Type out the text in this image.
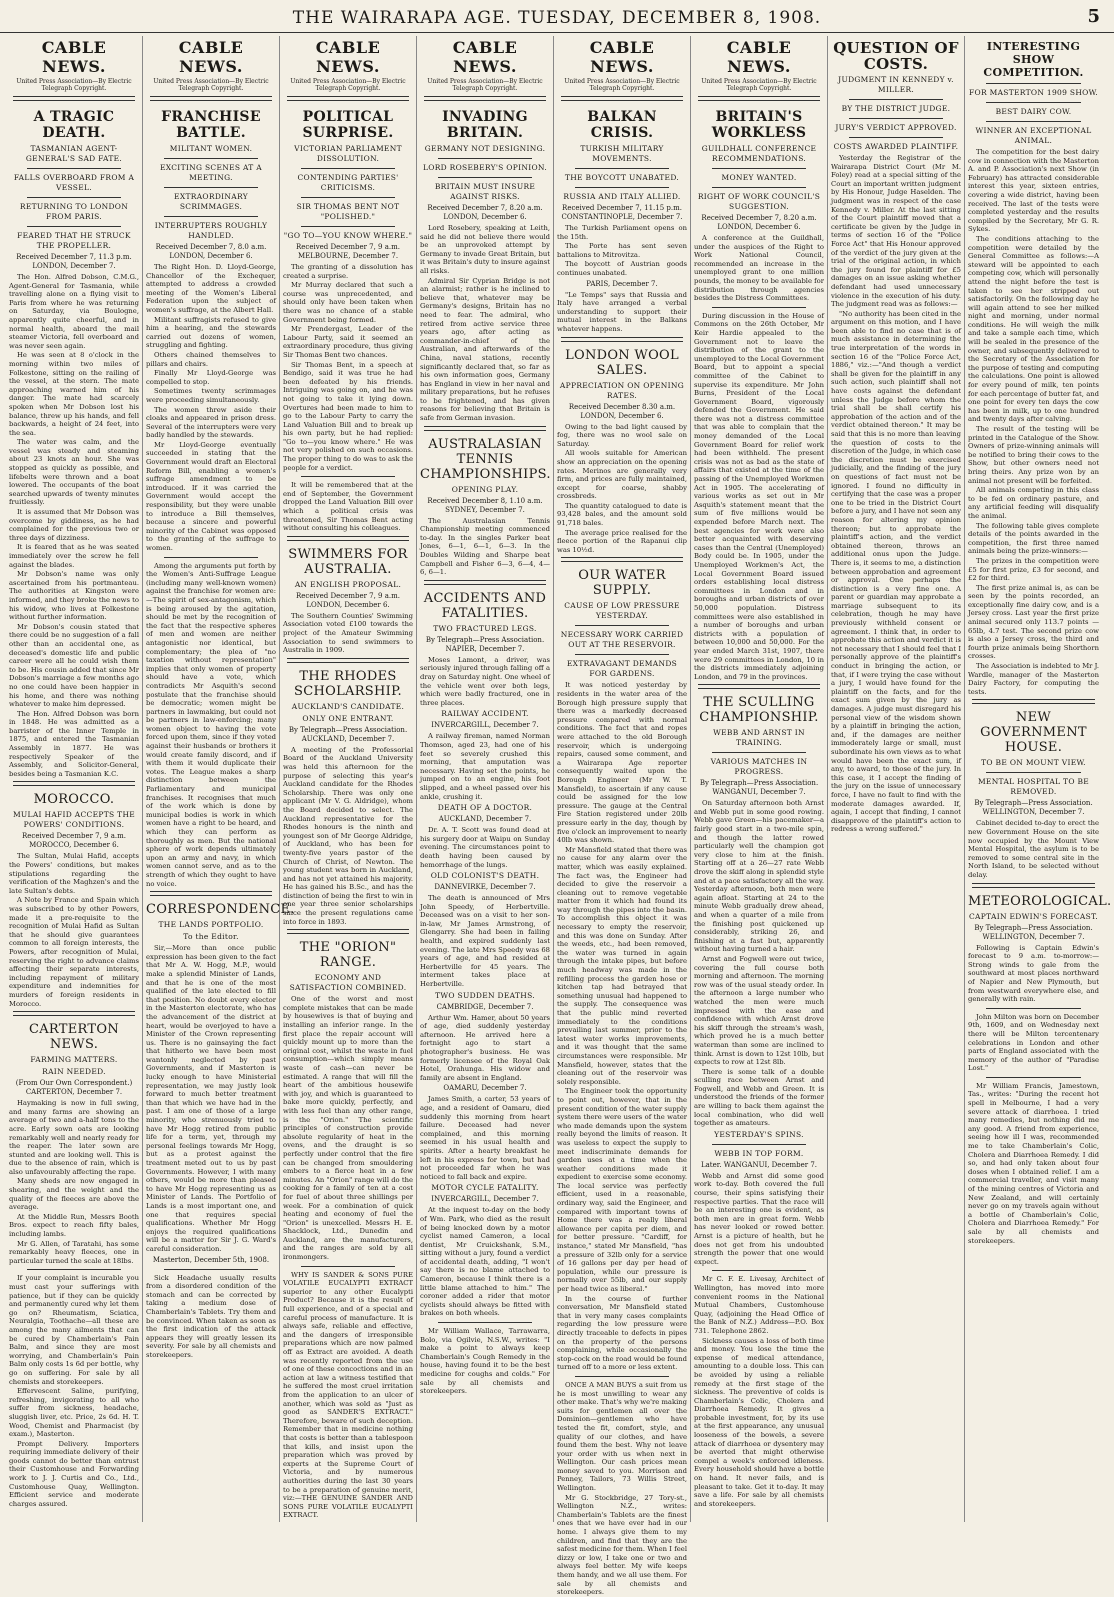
THE WAIRARAPA AGE. TUESDAY, DECEMBER 8, 1908.	5
CABLE NEWS.
United Press Association—By Electric Telegraph Copyright.
A TRAGIC DEATH.
TASMANIAN AGENT-GENERAL'S SAD FATE.
FALLS OVERBOARD FROM A VESSEL.
RETURNING TO LONDON FROM PARIS.
FEARED THAT HE STRUCK THE PROPELLER.
Received December 7, 11.3 p.m. LONDON, December 7.

The Hon. Alfred Dobson, C.M.G., Agent-General for Tasmania, while travelling alone on a flying visit to Paris from where he was returning on Saturday, via Boulogne, apparently quite cheerful, and in normal health, aboard the mail steamer Victoria, fell overboard and was never seen again.

He was seen at 8 o'clock in the morning within two miles of Folkestone, sitting on the railing of the vessel, at the stern. The mate approaching warned him of his danger. The mate had scarcely spoken when Mr Dobson lost his balance, threw up his hands, and fell backwards, a height of 24 feet, into the sea.

The water was calm, and the vessel was steady and steaming about 23 knots an hour. She was stopped as quickly as possible, and lifebelts were thrown and a boat lowered. The occupants of the boat searched upwards of twenty minutes fruitlessly.

It is assumed that Mr Dobson was overcome by giddiness, as he had complained for the previous two or three days of dizziness.

It is feared that as he was seated immediately over the screw he fell against the blades.

Mr Dobson's name was only ascertained from his portmanteau. The authorities at Kingston were informed, and they broke the news to his widow, who lives at Folkestone without further information.

Mr Dobson's cousin stated that there could be no suggestion of a fall other than an accidental one, as deceased's domestic life and public career were all he could wish them to be. His cousin added that since Mr Dobson's marriage a few months ago no one could have been happier in his home, and there was nothing whatever to make him depressed.

The Hon. Alfred Dobson was born in 1848. He was admitted as a barrister of the Inner Temple in 1875, and entered the Tasmanian Assembly in 1877. He was respectively Speaker of the Assembly, and Solicitor-General, besides being a Tasmanian K.C.

MOROCCO.
MULAI HAFID ACCEPTS THE POWERS' CONDITIONS.
Received December 7, 9 a.m. MOROCCO, December 6.

The Sultan, Mulai Hafid, accepts the Powers' conditions, but makes stipulations regarding the verification of the Maghzen's and the late Sultan's debts.

A Note by France and Spain which was subscribed to by other Powers, made it a pre-requisite to the recognition of Mulai Hafid as Sultan that he should give guarantees common to all foreign interests, the Powers, after recognition of Mulai, reserving the right to advance claims affecting their separate interests, including repayment of military expenditure and indemnities for murders of foreign residents in Morocco.

CARTERTON NEWS.
FARMING MATTERS.
RAIN NEEDED.
(From Our Own Correspondent.) CARTERTON, December 7.

Haymaking is now in full swing, and many farms are showing an average of two and a-half tons to the acre. Early sown oats are looking remarkably well and nearly ready for the reaper. The later sown are stunted and are looking well. This is due to the absence of rain, which is also unfavourably affecting the rape.

Many sheds are now engaged in shearing, and the weight and the quality of the fleeces are above the average.

At the Middle Run, Messrs Booth Bros. expect to reach fifty bales, including lambs.

Mr G. Allen, of Taratahi, has some remarkably heavy fleeces, one in particular turned the scale at 18lbs.

If your complaint is incurable you must cast your sufferings with patience, but if they can be quickly and permanently cured why let them go on? Rheumatism, Sciatica, Neuralgia, Toothache—all these are among the many ailments that can be cured by Chamberlain's Pain Balm, and since they are most worrying, and Chamberlain's Pain Balm only costs 1s 6d per bottle, why go on suffering. For sale by all chemists and storekeepers.

Effervescent Saline, purifying, refreshing, invigorating to all who suffer from sickness, headache, sluggish liver, etc. Price, 2s 6d. H. T. Wood, Chemist and Pharmacist (by exam.), Masterton.

Prompt Delivery. Importers requiring immediate delivery of their goods cannot do better than entrust their Customhouse and Forwarding work to J. J. Curtis and Co., Ltd., Customhouse Quay, Wellington. Efficient service and moderate charges assured.

CABLE NEWS.
United Press Association—By Electric Telegraph Copyright.
FRANCHISE BATTLE.
MILITANT WOMEN.
EXCITING SCENES AT A MEETING.
EXTRAORDINARY SCRIMMAGES.
INTERRUPTERS ROUGHLY HANDLED.
Received December 7, 8.0 a.m. LONDON, December 6.

The Right Hon. D. Lloyd-George, Chancellor of the Exchequer, attempted to address a crowded meeting of the Women's Liberal Federation upon the subject of women's suffrage, at the Albert Hall.

Militant suffragists refused to give him a hearing, and the stewards carried out dozens of women, struggling and fighting.

Others chained themselves to pillars and chairs.

Finally Mr Lloyd-George was compelled to stop.

Sometimes twenty scrimmages were proceeding simultaneously.

The women threw aside their cloaks and appeared in prison dress. Several of the interrupters were very badly handled by the stewards.

Mr Lloyd-George eventually succeeded in stating that the Government would draft an Electoral Reform Bill, enabling a women's suffrage amendment to be introduced. If it was carried the Government would accept the responsibility, but they were unable to introduce a Bill themselves, because a sincere and powerful minority of the Cabinet was opposed to the granting of the suffrage to women.

Among the arguments put forth by the Women's Anti-Suffrage League (including many well-known women) against the franchise for women are:—The spirit of sex-antagonism, which is being aroused by the agitation, should be met by the recognition of the fact that the respective spheres of men and women are neither antagonistic nor identical, but complementary; the plea of "no taxation without representation" implies that only women of property should have a vote, which contradicts Mr Asquith's second postulate that the franchise should be democratic; women might be partners in lawmaking, but could not be partners in law-enforcing; many women object to having the vote forced upon them, since if they voted against their husbands or brothers it would create family discord, and if with them it would duplicate their votes. The League makes a sharp distinction between the Parliamentary and municipal franchises. It recognises that much of the work which is done by municipal bodies is work in which women have a right to be heard, and which they can perform as thoroughly as men. But the national sphere of work depends ultimately upon an army and navy, in which women cannot serve, and as to the strength of which they ought to have no voice.

CORRESPONDENCE.
THE LANDS PORTFOLIO.
To the Editor.

Sir,—More than once public expression has been given to the fact that Mr A. W. Hogg, M.P., would make a splendid Minister of Lands, and that he is one of the most qualified of the late elected to fill that position. No doubt every elector in the Masterton electorate, who has the advancement of the district at heart, would be overjoyed to have a Minister of the Crown representing us. There is no gainsaying the fact that hitherto we have been most wantonly neglected by past Governments, and if Masterton is lucky enough to have Ministerial representation, we may justly look forward to much better treatment than that which we have had in the past. I am one of those of a large minority, who strenuously tried to have Mr Hogg retired from public life for a term, yet, through my personal feelings towards Mr Hogg, but as a protest against the treatment meted out to us by past Governments. However, I with many others, would be more than pleased to have Mr Hogg representing us as Minister of Lands. The Portfolio of Lands is a most important one, and one that requires special qualifications. Whether Mr Hogg enjoys the required qualifications will be a matter for Sir J. G. Ward's careful consideration.

Masterton, December 5th, 1908.

Sick Headache usually results from a disordered condition of the stomach and can be corrected by taking a medium dose of Chamberlain's Tablets. Try them and be convinced. When taken as soon as the first indication of the attack appears they will greatly lessen its severity. For sale by all chemists and storekeepers.

CABLE NEWS.
United Press Association—By Electric Telegraph Copyright.
POLITICAL SURPRISE.
VICTORIAN PARLIAMENT DISSOLUTION.
CONTENDING PARTIES' CRITICISMS.
SIR THOMAS BENT NOT "POLISHED."
"GO TO—YOU KNOW WHERE."
Received December 7, 9 a.m. MELBOURNE, December 7.

The granting of a dissolution has created a surprise.

Mr Murray declared that such a course was unprecedented, and should only have been taken when there was no chance of a stable Government being formed.

Mr Prendergast, Leader of the Labour Party, said it seemed an extraordinary procedure, thus giving Sir Thomas Bent two chances.

Sir Thomas Bent, in a speech at Bendigo, said it was true he had been defeated by his friends. Intriguing was going on, and he was not going to take it lying down. Overtures had been made to him to go to the Labour Party to carry the Land Valuation Bill and to break up his own party, but he had replied: "Go to—you know where." He was not very polished on such occasions. The proper thing to do was to ask the people for a verdict.

It will be remembered that at the end of September, the Government dropped the Land Valuation Bill over which a political crisis was threatened, Sir Thomas Bent acting without consulting his colleagues.

SWIMMERS FOR AUSTRALIA.
AN ENGLISH PROPOSAL.
Received December 7, 9 a.m. LONDON, December 6.

The Southern Counties' Swimming Association voted £100 towards the project of the Amateur Swimming Association to send swimmers to Australia in 1909.

THE RHODES SCHOLARSHIP.
AUCKLAND'S CANDIDATE.
ONLY ONE ENTRANT.
By Telegraph—Press Association. AUCKLAND, December 7.

A meeting of the Professorial Board of the Auckland University was held this afternoon for the purpose of selecting this year's Auckland candidate for the Rhodes Scholarship. There was only one applicant (Mr V. G. Aldridge), whom the Board decided to select. The Auckland representative for the Rhodes honours is the ninth and youngest son of Mr George Aldridge, of Auckland, who has been for twenty-five years pastor of the Church of Christ, of Newton. The young student was born in Auckland, and has not yet attained his majority. He has gained his B.Sc., and has the distinction of being the first to win in one year three senior scholarships since the present regulations came into force in 1893.

THE "ORION" RANGE.
ECONOMY AND SATISFACTION COMBINED.

One of the worst and most complete mistakes that can be made by housewives is that of buying and installing an inferior range. In the first place the repair account will quickly mount up to more than the original cost, whilst the waste in fuel consumption—which simply means waste of cash—can never be estimated. A range that will fill the heart of the ambitious housewife with joy, and which is guaranteed to bake more quickly, perfectly, and with less fuel than any other range, is the "Orion." The scientific principles of construction provide absolute regularity of heat in the ovens, and the draught is so perfectly under control that the fire can be changed from smouldering embers to a fierce heat in a few minutes. An "Orion" range will do the cooking for a family of ten at a cost for fuel of about three shillings per week. For a combination of quick heating and economy of fuel the "Orion" is unexcelled. Messrs H. E. Shacklock, Ltd., Dunedin and Auckland, are the manufacturers, and the ranges are sold by all ironmongers.

WHY IS SANDER & SONS PURE VOLATILE EUCALYPTI EXTRACT superior to any other Eucalypti Product? Because it is the result of full experience, and of a special and careful process of manufacture. It is always safe, reliable and effective, and the dangers of irresponsible preparations which are now palmed off as Extract are avoided. A death was recently reported from the use of one of these concoctions and in an action at law a witness testified that he suffered the most cruel irritation from the application to an ulcer of another, which was sold as "Just as good as SANDER'S EXTRACT." Therefore, beware of such deception. Remember that in medicine nothing that costs is better than a tablespoon that kills, and insist upon the preparation which was proved by experts at the Supreme Court of Victoria, and by numerous authorities during the last 30 years to be a preparation of genuine merit, viz:—THE GENUINE SANDER AND SONS PURE VOLATILE EUCALYPTI EXTRACT.

CABLE NEWS.
United Press Association—By Electric Telegraph Copyright.
INVADING BRITAIN.
GERMANY NOT DESIGNING.
LORD ROSEBERY'S OPINION.
BRITAIN MUST INSURE AGAINST RISKS.
Received December 7, 8.20 a.m. LONDON, December 6.

Lord Rosebery, speaking at Leith, said he did not believe there would be an unprovoked attempt by Germany to invade Great Britain, but it was Britain's duty to insure against all risks.

Admiral Sir Cyprian Bridge is not an alarmist; rather is he inclined to believe that, whatever may be Germany's designs, Britain has no need to fear. The admiral, who retired from active service three years ago, after acting as commander-in-chief of the Australian, and afterwards of the China, naval stations, recently significantly declared that, so far as his own information goes, Germany has England in view in her naval and military preparations, but he refuses to be frightened, and has given reasons for believing that Britain is safe from German invasion.

AUSTRALASIAN TENNIS CHAMPIONSHIPS.
OPENING PLAY.
Received December 8, 1.10 a.m. SYDNEY, December 7.

The Australasian Tennis Championship meeting commenced to-day. In the singles Parker beat Jones, 6—1, 6—1, 6—3. In the Doubles Wilding and Sharpe beat Campbell and Fisher 6—3, 6—4, 4—6, 6—1.

ACCIDENTS AND FATALITIES.
TWO FRACTURED LEGS.
By Telegraph—Press Association. NAPIER, December 7.

Moses Lamont, a driver, was seriously injured through falling off a dray on Saturday night. One wheel of the vehicle went over both legs, which were badly fractured, one in three places.

RAILWAY ACCIDENT.
INVERCARGILL, December 7.

A railway fireman, named Norman Thomson, aged 23, had one of his feet so severely crushed this morning, that amputation was necessary. Having set the points, he jumped on to an engine, his foot slipped, and a wheel passed over his ankle, crushing it.

DEATH OF A DOCTOR.
AUCKLAND, December 7.

Dr. A. T. Scott was found dead at his surgery door at Waipu on Sunday evening. The circumstances point to death having been caused by hemorrhage of the lungs.

OLD COLONIST'S DEATH.
DANNEVIRKE, December 7.

The death is announced of Mrs John Speedy, of Herbertville. Deceased was on a visit to her son-in-law, Mr James Armstrong, of Glengarry. She had been in failing health, and expired suddenly last evening. The late Mrs Speedy was 68 years of age, and had resided at Herbertville for 45 years. The interment takes place at Herbertville.

TWO SUDDEN DEATHS.
CAMBRIDGE, December 7.

Arthur Wm. Hamer, about 50 years of age, died suddenly yesterday afternoon. He arrived here a fortnight ago to start a photographer's business. He was formerly licensee of the Royal Oak Hotel, Orahunga. His widow and family are absent in England.

OAMARU, December 7.

James Smith, a carter, 53 years of age, and a resident of Oamaru, died suddenly this morning from heart failure. Deceased had never complained, and this morning seemed in his usual health and spirits. After a hearty breakfast he left in his express for town, but had not proceeded far when he was noticed to fall back and expire.

MOTOR CYCLE FATALITY.
INVERCARGILL, December 7.

At the inquest to-day on the body of Wm. Park, who died as the result of being knocked down by a motor cyclist named Cameron, a local dentist, Mr Cruickshank, S.M., sitting without a jury, found a verdict of accidental death, adding, "I won't say there is no blame attached to Cameron, because I think there is a little blame attached to him." The coroner added a rider that motor cyclists should always be fitted with brakes on both wheels.

Mr William Wallace, Tarrawarra, Bolo, via Ogilvie, N.S.W., writes: "I make a point to always keep Chamberlain's Cough Remedy in the house, having found it to be the best medicine for coughs and colds." For sale by all chemists and storekeepers.

CABLE NEWS.
United Press Association—By Electric Telegraph Copyright.
BALKAN CRISIS.
TURKISH MILITARY MOVEMENTS.
THE BOYCOTT UNABATED.
RUSSIA AND ITALY ALLIED.
Received December 7, 11.15 p.m. CONSTANTINOPLE, December 7.

The Turkish Parliament opens on the 15th.

The Porte has sent seven battalions to Mitrovitza.

The boycott of Austrian goods continues unabated.

PARIS, December 7.

"Le Temps" says that Russia and Italy have arranged a verbal understanding to support their mutual interest in the Balkans whatever happens.

LONDON WOOL SALES.
APPRECIATION ON OPENING RATES.
Received December 8.30 a.m. LONDON, December 6.

Owing to the bad light caused by fog, there was no wool sale on Saturday.

All wools suitable for American show an appreciation on the opening rates. Merinos are generally very firm, and prices are fully maintained, except for coarse, shabby crossbreds.

The quantity catalogued to date is 93,428 bales, and the amount sold 91,718 bales.

The average price realised for the fleece portion of the Rapanui clip was 10½d.

OUR WATER SUPPLY.
CAUSE OF LOW PRESSURE YESTERDAY.
NECESSARY WORK CARRIED OUT AT THE RESERVOIR.
EXTRAVAGANT DEMANDS FOR GARDENS.

It was noticed yesterday by residents in the water area of the Borough high pressure supply that there was a markedly decreased pressure compared with normal conditions. The fact that and ropes were attached to the old Borough reservoir, which is undergoing repairs, caused some comment, and a Wairarapa Age reporter consequently waited upon the Borough Engineer (Mr W. T. Mansfield), to ascertain if any cause could be assigned for the low pressure. The gauge at the Central Fire Station registered under 20lb pressure early in the day, though by five o'clock an improvement to nearly 40lb was shown.

Mr Mansfield stated that there was no cause for any alarm over the matter, which was easily explained. The fact was, the Engineer had decided to give the reservoir a cleaning out to remove vegetable matter from it which had found its way through the pipes into the basin. To accomplish this object it was necessary to empty the reservoir, and this was done on Sunday. After the weeds, etc., had been removed, the water was turned in again through the intake pipes, but before much headway was made in the refilling process the garden hose or kitchen tap had betrayed that something unusual had happened to the supply. The consequence was that the public mind reverted immediately to the conditions prevailing last summer, prior to the latest water works improvements, and it was thought that the same circumstances were responsible. Mr Mansfield, however, states that the cleaning out of the reservoir was solely responsible.

The Engineer took the opportunity to point out, however, that in the present condition of the water supply system there were users of the water who made demands upon the system really beyond the limits of reason. It was useless to expect the supply to meet indiscriminate demands for garden uses at a time when the weather conditions made it expedient to exercise some economy. The local service was perfectly efficient, used in a reasonable, ordinary way, said the Engineer, and compared with important towns of Home there was a really liberal allowance per capita per diem, and for better pressure. "Cardiff, for instance," stated Mr Mansfield, "has a pressure of 32lb only for a service of 16 gallons per day per head of population, while our pressure is normally over 55lb, and our supply per head twice as liberal."

In the course of further conversation, Mr Mansfield stated that in very many cases complaints regarding the low pressure were directly traceable to defects in pipes on the property of the persons complaining, while occasionally the stop-cock on the road would be found turned off to a more or less extent.

ONCE A MAN BUYS a suit from us he is most unwilling to wear any other make. That's why we're making suits for gentlemen all over the Dominion—gentlemen who have tested the fit, comfort, style, and quality of our clothes, and have found them the best. Why not leave your order with us when next in Wellington. Our cash prices mean money saved to you. Morrison and Penney, Tailors, 73 Willis Street, Wellington.

Mr G. Stockbridge, 27 Tory-st., Wellington N.Z., writes: Chamberlain's Tablets are the finest ones that we have ever had in our home. I always give them to my children, and find that they are the safest medicine for them. When I feel dizzy or low, I take one or two and always feel better. My wife keeps them handy, and we all use them. For sale by all chemists and storekeepers.

CABLE NEWS.
United Press Association—By Electric Telegraph Copyright.
BRITAIN'S WORKLESS
GUILDHALL CONFERENCE RECOMMENDATIONS.
MONEY WANTED.
RIGHT OF WORK COUNCIL'S SUGGESTION.
Received December 7, 8.20 a.m. LONDON, December 6.

A conference at the Guildhall, under the auspices of the Right to Work National Council, recommended an increase in the unemployed grant to one million pounds, the money to be available for distribution through agencies besides the Distress Committees.

During discussion in the House of Commons on the 26th October, Mr Keir Hardie appealed to the Government not to leave the distribution of the grant to the unemployed to the Local Government Board, but to appoint a special committee of the Cabinet to supervise its expenditure. Mr John Burns, President of the Local Government Board, vigorously defended the Government. He said there was not a distress committee that was able to complain that the money demanded of the Local Government Board for relief work had been withheld. The present crisis was not as bad as the state of affairs that existed at the time of the passing of the Unemployed Workmen Act in 1905. The accelerating of various works as set out in Mr Asquith's statement meant that the sum of five millions would be expended before March next. The best agencies for work were also better acquainted with deserving cases than the Central (Unemployed) Body could be. In 1905, under the Unemployed Workmen's Act, the Local Government Board issued orders establishing local distress committees in London and in boroughs and urban districts of over 50,000 population. Distress committees were also established in a number of boroughs and urban districts with a population of between 10,000 and 50,000. For the year ended March 31st, 1907, there were 29 committees in London, 10 in the districts immediately adjoining London, and 79 in the provinces.

THE SCULLING CHAMPIONSHIP.
WEBB AND ARNST IN TRAINING.
VARIOUS MATCHES IN PROGRESS.
By Telegraph—Press Association. WANGANUI, December 7.

On Saturday afternoon both Arnst and Webb put in some good rowing. Webb gave Green—his pacemaker—a fairly good start in a two-mile spin, and though the latter rowed particularly well the champion got very close to him at the finish. Starting off at a 26—27 rate Webb drove the skiff along in splendid style and at a pace satisfactory all the way. Yesterday afternoon, both men were again afloat. Starting at 24 to the minute Webb gradually drew ahead, and when a quarter of a mile from the finishing post quickened up considerably, striking 26, and finishing at a fast but, apparently without having turned a hair.

Arnst and Fogwell were out twice, covering the full course both morning and afternoon. The morning row was of the usual steady order. In the afternoon a large number who watched the men were much impressed with the ease and confidence with which Arnst drove his skiff through the stream's wash, which proved he is a much better waterman than some are inclined to think. Arnst is down to 12st 10lb, but expects to row at 12st 8lb.

There is some talk of a double sculling race between Arnst and Fogwell, and Webb and Green. It is understood the friends of the former are willing to back them against the local combination, who did well together as amateurs.

YESTERDAY'S SPINS.
WEBB IN TOP FORM.
Later. WANGANUI, December 7.

Webb and Arnst did some good work to-day. Both covered the full course, their spins satisfying their respective parties. That the race will be an interesting one is evident, as both men are in great form. Webb has never looked or rowed better. Arnst is a picture of health, but he does not get from his undoubted strength the power that one would expect.

Mr C. F. E. Livesay, Architect of Wellington, has moved into more convenient rooms in the National Mutual Chambers, Customhouse Quay, (adjoining the Head Office of the Bank of N.Z.) Address—P.O. Box 731. Telephone 2862.

Sickness causes a loss of both time and money. You lose the time the expense of medical attendance, amounting to a double loss. This can be avoided by using a reliable remedy at the first stage of the sickness. The preventive of colds is Chamberlain's Colic, Cholera and Diarrhoea Remedy. It gives a probable investment, for, by its use at the first appearance, any unusual looseness of the bowels, a severe attack of diarrhoea or dysentery may be averted that might otherwise compel a week's enforced idleness. Every household should have a bottle on hand. It never fails, and is pleasant to take. Get it to-day. It may save a life. For sale by all chemists and storekeepers.

QUESTION OF COSTS.
JUDGMENT IN KENNEDY v. MILLER.
BY THE DISTRICT JUDGE.
JURY'S VERDICT APPROVED.
COSTS AWARDED PLAINTIFF.

Yesterday the Registrar of the Wairarapa District Court (Mr M. Foley) read at a special sitting of the Court an important written judgment by His Honour, Judge Haselden. The judgment was in respect of the case Kennedy v. Miller. At the last sitting of the Court plaintiff moved that a certificate be given by the Judge in terms of section 16 of the "Police Force Act" that His Honour approved of the verdict of the jury given at the trial of the original action, in which the jury found for plaintiff for £5 damages on an issue asking whether defendant had used unnecessary violence in the execution of his duty. The judgment read was as follows:—

"No authority has been cited in the argument on this motion, and I have been able to find no case that is of much assistance in determining the true interpretation of the words in section 16 of the "Police Force Act, 1886," viz.:—"And though a verdict shall be given for the plaintiff in any such action, such plaintiff shall not have costs against the defendant unless the Judge before whom the trial shall be shall certify his approbation of the action and of the verdict obtained thereon." It may be said that this is no more than leaving the question of costs to the discretion of the Judge, in which case the discretion must be exercised judicially, and the finding of the jury on questions of fact must not be ignored. I found no difficulty in certifying that the case was a proper one to be tried in the District Court before a jury, and I have not seen any reason for altering my opinion thereon; but to approbate the plaintiff's action, and the verdict obtained thereon, throws an additional onus upon the Judge. There is, it seems to me, a distinction between approbation and agreement or approval. One perhaps the distinction is a very fine one. A parent or guardian may approbate a marriage subsequent to its celebration, though he may have previously withheld consent or agreement. I think that, in order to approbate this action and verdict it is not necessary that I should feel that I personally approve of the plaintiff's conduct in bringing the action, or that, if I were trying the case without a jury, I would have found for the plaintiff on the facts, and for the exact sum given by the jury as damages. A judge must disregard his personal view of the wisdom shown by a plaintiff in bringing the action, and, if the damages are neither immoderately large or small, must subordinate his own views as to what would have been the exact sum, if any, to award, to those of the jury. In this case, it I accept the finding of the jury on the issue of unnecessary force, I have no fault to find with the moderate damages awarded. If, again, I accept that finding, I cannot disapprove of the plaintiff's action to redress a wrong suffered."

INTERESTING SHOW COMPETITION.
FOR MASTERTON 1909 SHOW.
BEST DAIRY COW.
WINNER AN EXCEPTIONAL ANIMAL.

The competition for the best dairy cow in connection with the Masterton A. and P. Association's next Show (in February) has attracted considerable interest this year, sixteen entries, covering a wide district, having been received. The last of the tests were completed yesterday and the results compiled by the Secretary, Mr G. R. Sykes.

The conditions attaching to the competition were detailed by the General Committee as follows:—A steward will be appointed to each competing cow, which will personally attend the night before the test is taken to see her stripped out satisfactorily. On the following day he will again attend to see her milked night and morning, under normal conditions. He will weigh the milk and take a sample each time, which will be sealed in the presence of the owner, and subsequently delivered to the Secretary of the Association for the purpose of testing and computing the calculations. One point is allowed for every pound of milk, ten points for each percentage of butter fat, and one point for every ten days the cow has been in milk, up to one hundred and twenty days after calving.

The result of the testing will be printed in the Catalogue of the Show. Owners of prize-winning animals will be notified to bring their cows to the Show, but other owners need not bring theirs. Any prize won by an animal not present will be forfeited.

All animals competing in this class to be fed on ordinary pasture, and any artificial feeding will disqualify the animal.

The following table gives complete details of the points awarded in the competition, the first three named animals being the prize-winners:—

The prizes in the competition were £5 for first prize, £3 for second, and £2 for third.

The first prize animal is, as can be seen by the points recorded, an exceptionally fine dairy cow, and is a Jersey cross. Last year the first prize animal secured only 113.7 points — 65lb, 4.7 test. The second prize cow is also a Jersey cross, the third and fourth prize animals being Shorthorn crosses.

The Association is indebted to Mr J. Wardle, manager of the Masterton Dairy Factory, for computing the tests.

NEW GOVERNMENT HOUSE.
TO BE ON MOUNT VIEW.
MENTAL HOSPITAL TO BE REMOVED.
By Telegraph—Press Association. WELLINGTON, December 7.

Cabinet decided to-day to erect the new Government House on the site now occupied by the Mount View Mental Hospital, the asylum is to be removed to some central site in the North Island, to be selected without delay.

METEOROLOGICAL.
CAPTAIN EDWIN'S FORECAST.
By Telegraph—Press Association. WELLINGTON, December 7.

Following is Captain Edwin's forecast to 9 a.m. to-morrow:—Strong winds to gale from the southward at most places northward of Napier and New Plymouth, but from westward everywhere else, and generally with rain.

John Milton was born on December 9th, 1609, and on Wednesday next there will be Milton tercentenary celebrations in London and other parts of England associated with the memory of the author of "Paradise Lost."

Mr William Francis, Jamestown, Tas., writes: "During the recent hot spell in Melbourne, I had a very severe attack of diarrhoea. I tried many remedies, but nothing did me any good. A friend from experience, seeing how ill I was, recommended me to take Chamberlain's Colic, Cholera and Diarrhoea Remedy. I did so, and had only taken about four doses when I obtained relief. I am a commercial traveller, and visit many of the mining centres of Victoria and New Zealand, and will certainly never go on my travels again without a bottle of Chamberlain's Colic, Cholera and Diarrhoea Remedy." For sale by all chemists and storekeepers.
